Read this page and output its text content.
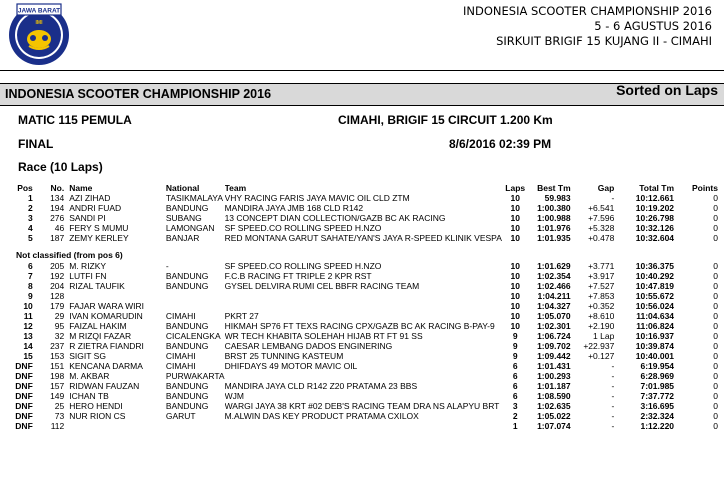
JAWA BARAT
IMI
INDONESIA SCOOTER CHAMPIONSHIP 2016
5 - 6 AGUSTUS 2016
SIRKUIT BRIGIF 15 KUJANG II - CIMAHI
INDONESIA SCOOTER CHAMPIONSHIP 2016	Sorted on Laps
MATIC 115 PEMULA	CIMAHI, BRIGIF 15 CIRCUIT 1.200 Km
FINAL	8/6/2016 02:39 PM
Race (10 Laps)
Pos	No.	Name	National	Team	Laps	Best Tm	Gap	Total Tm	Points
1	134	AZI ZIHAD	TASIKMALAYA	VHY RACING FARIS JAYA MAVIC OIL CLD ZTM	10	59.983	-	10:12.661	0
2	194	ANDRI FUAD	BANDUNG	MANDIRA JAYA JMB 168 CLD R142	10	1:00.380	+6.541	10:19.202	0
3	276	SANDI PI	SUBANG	13 CONCEPT DIAN COLLECTION/GAZB BC AK RACING	10	1:00.988	+7.596	10:26.798	0
4	46	FERY S MUMU	LAMONGAN	SF SPEED.CO ROLLING SPEED H.NZO	10	1:01.976	+5.328	10:32.126	0
5	187	ZEMY KERLEY	BANJAR	RED MONTANA GARUT SAHATE/YAN'S JAYA R-SPEED KLINIK VESPA	10	1:01.935	+0.478	10:32.604	0

Not classified (from pos 6)									
6	205	M. RIZKY	-	SF SPEED.CO ROLLING SPEED H.NZO	10	1:01.629	+3.771	10:36.375	0
7	192	LUTFI FN	BANDUNG	F.C.B RACING FT TRIPLE 2 KPR RST	10	1:02.354	+3.917	10:40.292	0
8	204	RIZAL TAUFIK	BANDUNG	GYSEL DELVIRA RUMI CEL BBFR RACING TEAM	10	1:02.466	+7.527	10:47.819	0
9	128				10	1:04.211	+7.853	10:55.672	0
10	179	FAJAR WARA WIRI			10	1:04.327	+0.352	10:56.024	0
11	29	IVAN KOMARUDIN	CIMAHI	PKRT 27	10	1:05.070	+8.610	11:04.634	0
12	95	FAIZAL HAKIM	BANDUNG	HIKMAH SP76 FT TEXS RACING CPX/GAZB BC AK RACING B-PAY-9	10	1:02.301	+2.190	11:06.824	0
13	32	M RIZQI FAZAR	CICALENGKA	WR TECH KHABITA SOLEHAH HIJAB RT FT 91 SS	9	1:06.724	1 Lap	10:16.937	0
14	237	R ZIETRA FIANDRI	BANDUNG	CAESAR LEMBANG DADOS ENGINERING	9	1:09.702	+22.937	10:39.874	0
15	153	SIGIT SG	CIMAHI	BRST 25 TUNNING KASTEUM	9	1:09.442	+0.127	10:40.001	0
DNF	151	KENCANA DARMA	CIMAHI	DHIFDAYS 49 MOTOR MAVIC OIL	6	1:01.431	-	6:19.954	0
DNF	198	M. AKBAR	PURWAKARTA		6	1:00.293	-	6:28.969	0
DNF	157	RIDWAN FAUZAN	BANDUNG	MANDIRA JAYA CLD R142 Z20 PRATAMA 23 BBS	6	1:01.187	-	7:01.985	0
DNF	149	ICHAN TB	BANDUNG	WJM	6	1:08.590	-	7:37.772	0
DNF	25	HERO HENDI	BANDUNG	WARGI JAYA 38 KRT #02 DEB'S RACING TEAM DRA NS ALAPYU BRT	3	1:02.635	-	3:16.695	0
DNF	73	NUR RION CS	GARUT	M.ALWIN DAS KEY PRODUCT PRATAMA CXILOX	2	1:05.022	-	2:32.324	0
DNF	112				1	1:07.074	-	1:12.220	0
